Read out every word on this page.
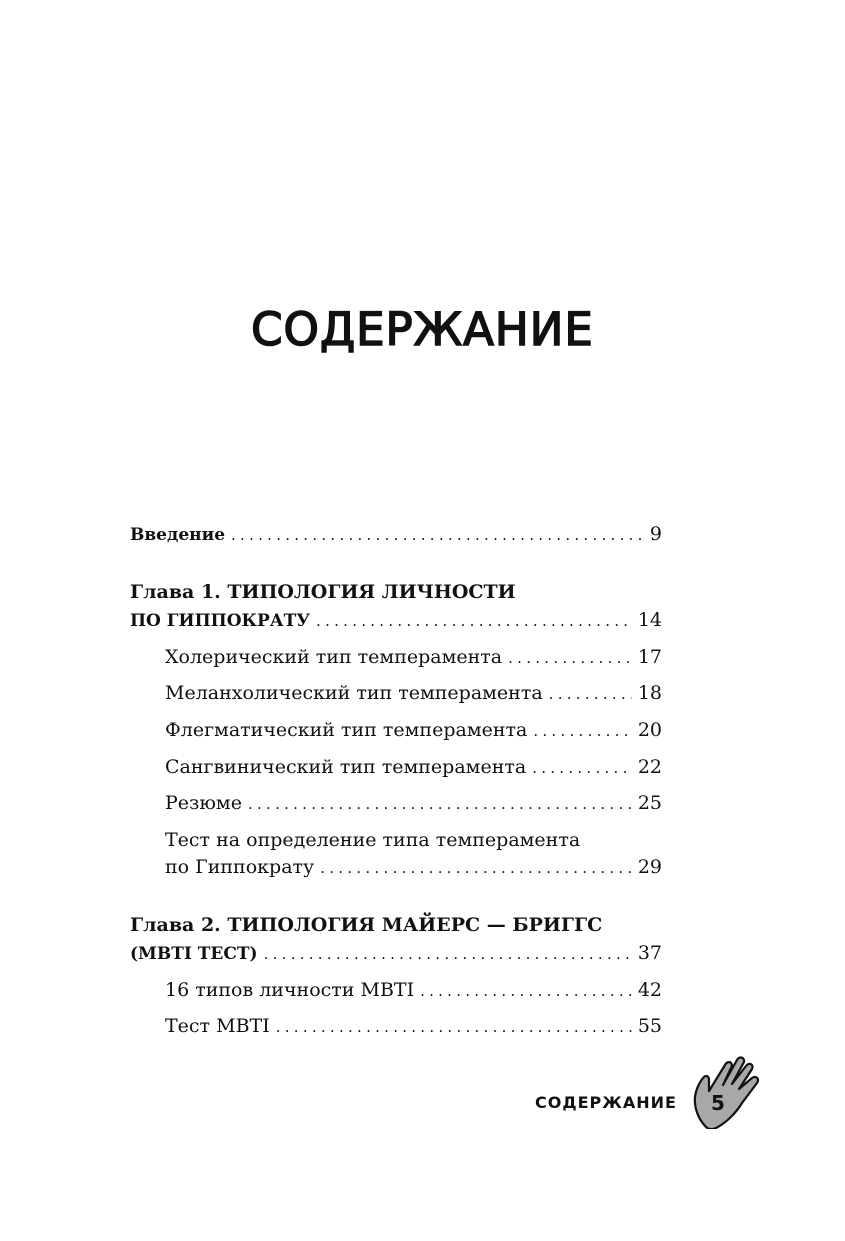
СОДЕРЖАНИЕ
Введение . . .	9
Глава 1. ТИПОЛОГИЯ ЛИЧНОСТИ
ПО ГИППОКРАТУ . . .	14
Холерический тип темперамента . . .	17
Меланхолический тип темперамента . . .	18
Флегматический тип темперамента . . .	20
Сангвинический тип темперамента . . .	22
Резюме . . .	25
Тест на определение типа темперамента
по Гиппократу . . .	29
Глава 2. ТИПОЛОГИЯ МАЙЕРС — БРИГГС
(MBTI ТЕСТ) . . .	37
16 типов личности MBTI . . .	42
Тест MBTI . . .	55
СОДЕРЖАНИЕ	5
